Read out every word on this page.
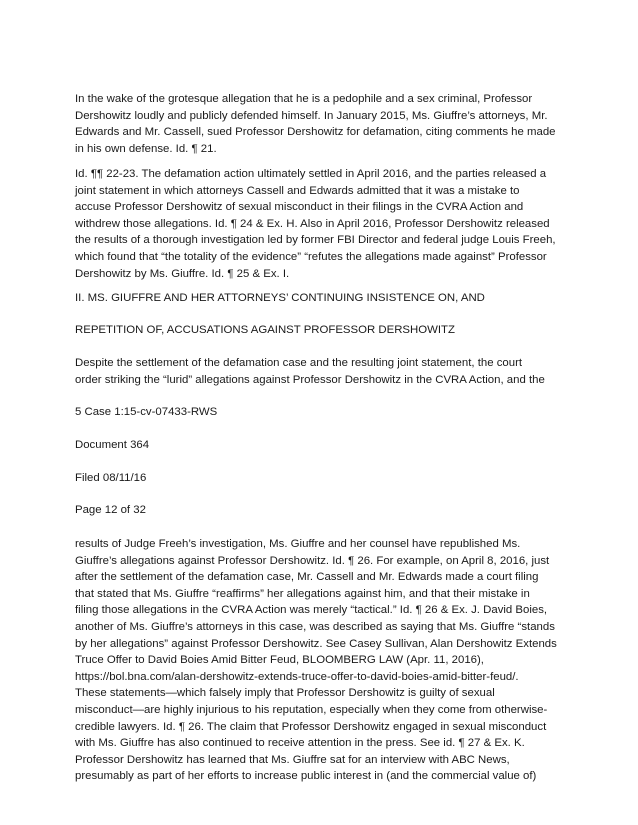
In the wake of the grotesque allegation that he is a pedophile and a sex criminal, Professor
Dershowitz loudly and publicly defended himself. In January 2015, Ms. Giuffre’s attorneys, Mr.
Edwards and Mr. Cassell, sued Professor Dershowitz for defamation, citing comments he made
in his own defense. Id. ¶ 21.

Id. ¶¶ 22-23. The defamation action ultimately settled in April 2016, and the parties released a
joint statement in which attorneys Cassell and Edwards admitted that it was a mistake to
accuse Professor Dershowitz of sexual misconduct in their filings in the CVRA Action and
withdrew those allegations. Id. ¶ 24 & Ex. H. Also in April 2016, Professor Dershowitz released
the results of a thorough investigation led by former FBI Director and federal judge Louis Freeh,
which found that “the totality of the evidence” “refutes the allegations made against” Professor
Dershowitz by Ms. Giuffre. Id. ¶ 25 & Ex. I.

II. MS. GIUFFRE AND HER ATTORNEYS’ CONTINUING INSISTENCE ON, AND

REPETITION OF, ACCUSATIONS AGAINST PROFESSOR DERSHOWITZ

Despite the settlement of the defamation case and the resulting joint statement, the court
order striking the “lurid” allegations against Professor Dershowitz in the CVRA Action, and the

5 Case 1:15-cv-07433-RWS

Document 364

Filed 08/11/16

Page 12 of 32

results of Judge Freeh’s investigation, Ms. Giuffre and her counsel have republished Ms.
Giuffre’s allegations against Professor Dershowitz. Id. ¶ 26. For example, on April 8, 2016, just
after the settlement of the defamation case, Mr. Cassell and Mr. Edwards made a court filing
that stated that Ms. Giuffre “reaffirms” her allegations against him, and that their mistake in
filing those allegations in the CVRA Action was merely “tactical.” Id. ¶ 26 & Ex. J. David Boies,
another of Ms. Giuffre’s attorneys in this case, was described as saying that Ms. Giuffre “stands
by her allegations” against Professor Dershowitz. See Casey Sullivan, Alan Dershowitz Extends
Truce Offer to David Boies Amid Bitter Feud, BLOOMBERG LAW (Apr. 11, 2016),
https://bol.bna.com/alan-dershowitz-extends-truce-offer-to-david-boies-amid-bitter-feud/.
These statements—which falsely imply that Professor Dershowitz is guilty of sexual
misconduct—are highly injurious to his reputation, especially when they come from otherwise-
credible lawyers. Id. ¶ 26. The claim that Professor Dershowitz engaged in sexual misconduct
with Ms. Giuffre has also continued to receive attention in the press. See id. ¶ 27 & Ex. K.
Professor Dershowitz has learned that Ms. Giuffre sat for an interview with ABC News,
presumably as part of her efforts to increase public interest in (and the commercial value of)
